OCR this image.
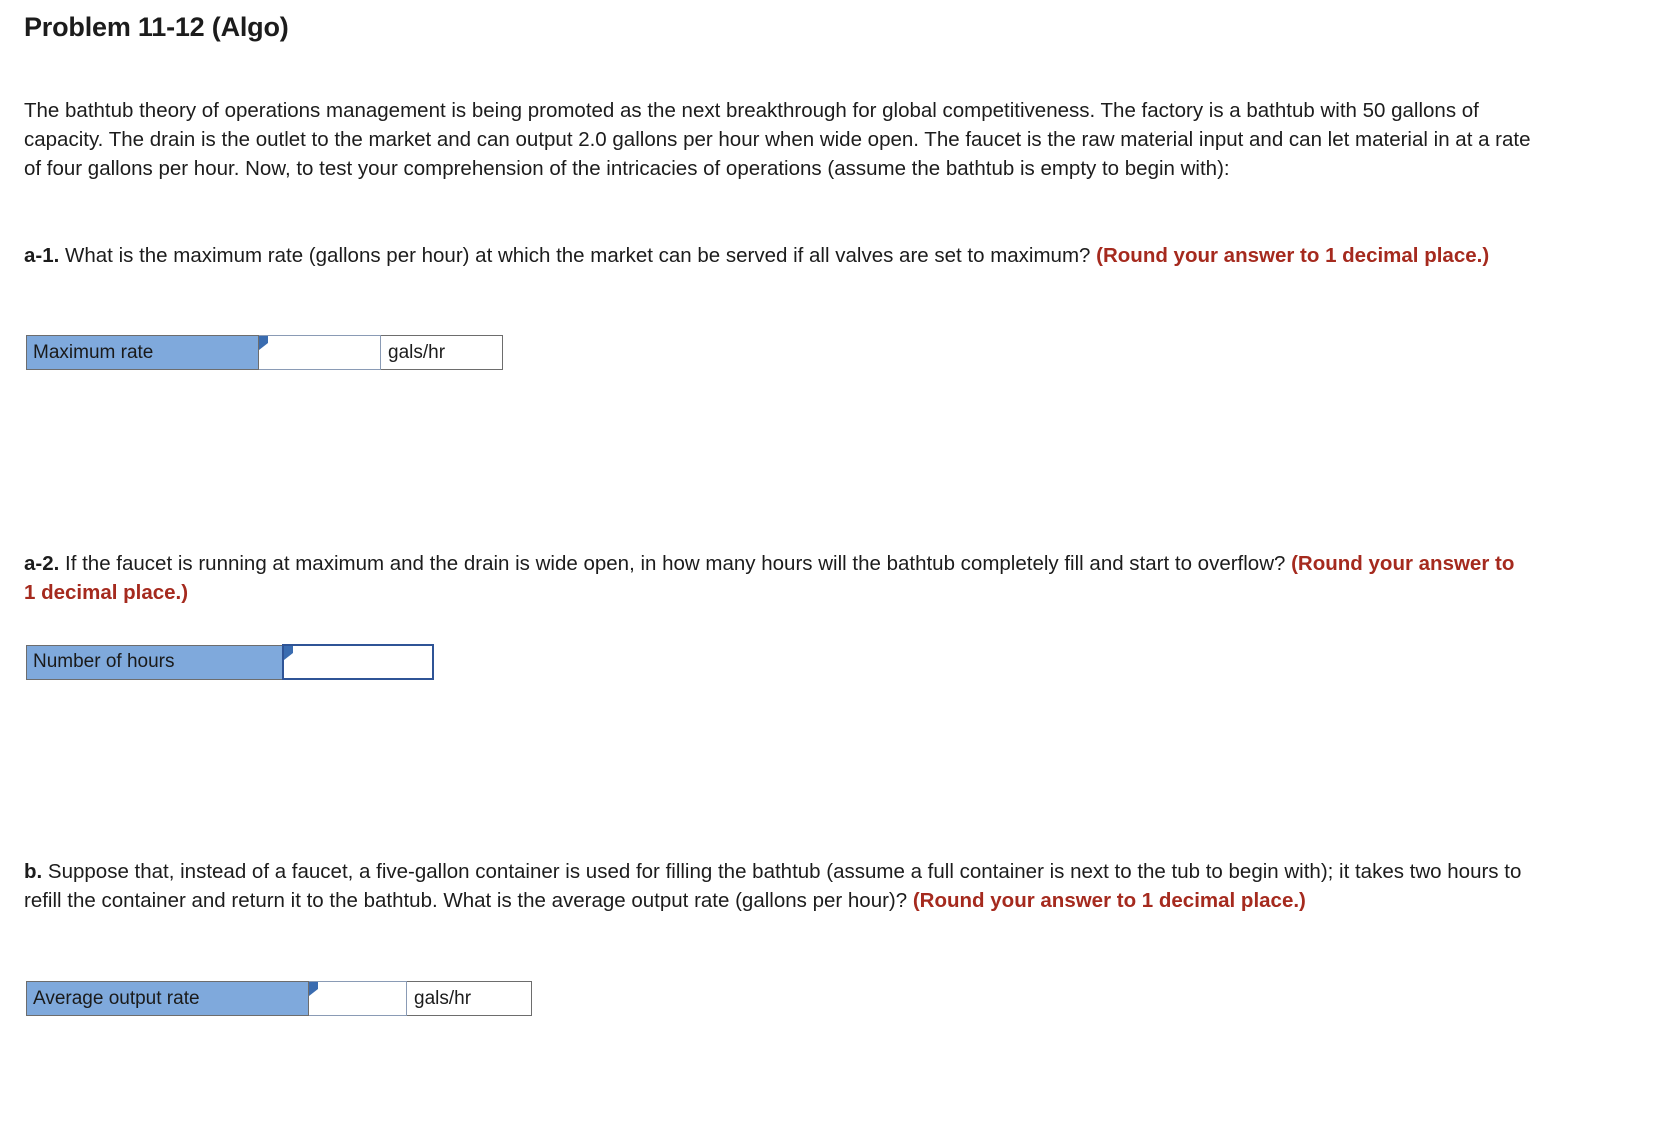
Problem 11-12 (Algo)
The bathtub theory of operations management is being promoted as the next breakthrough for global competitiveness. The factory is a bathtub with 50 gallons of capacity. The drain is the outlet to the market and can output 2.0 gallons per hour when wide open. The faucet is the raw material input and can let material in at a rate of four gallons per hour. Now, to test your comprehension of the intricacies of operations (assume the bathtub is empty to begin with):
a-1. What is the maximum rate (gallons per hour) at which the market can be served if all valves are set to maximum? (Round your answer to 1 decimal place.)
a-2. If the faucet is running at maximum and the drain is wide open, in how many hours will the bathtub completely fill and start to overflow? (Round your answer to 1 decimal place.)
b. Suppose that, instead of a faucet, a five-gallon container is used for filling the bathtub (assume a full container is next to the tub to begin with); it takes two hours to refill the container and return it to the bathtub. What is the average output rate (gallons per hour)? (Round your answer to 1 decimal place.)
Maximum rate		gals/hr
Number of hours	
Average output rate		gals/hr
